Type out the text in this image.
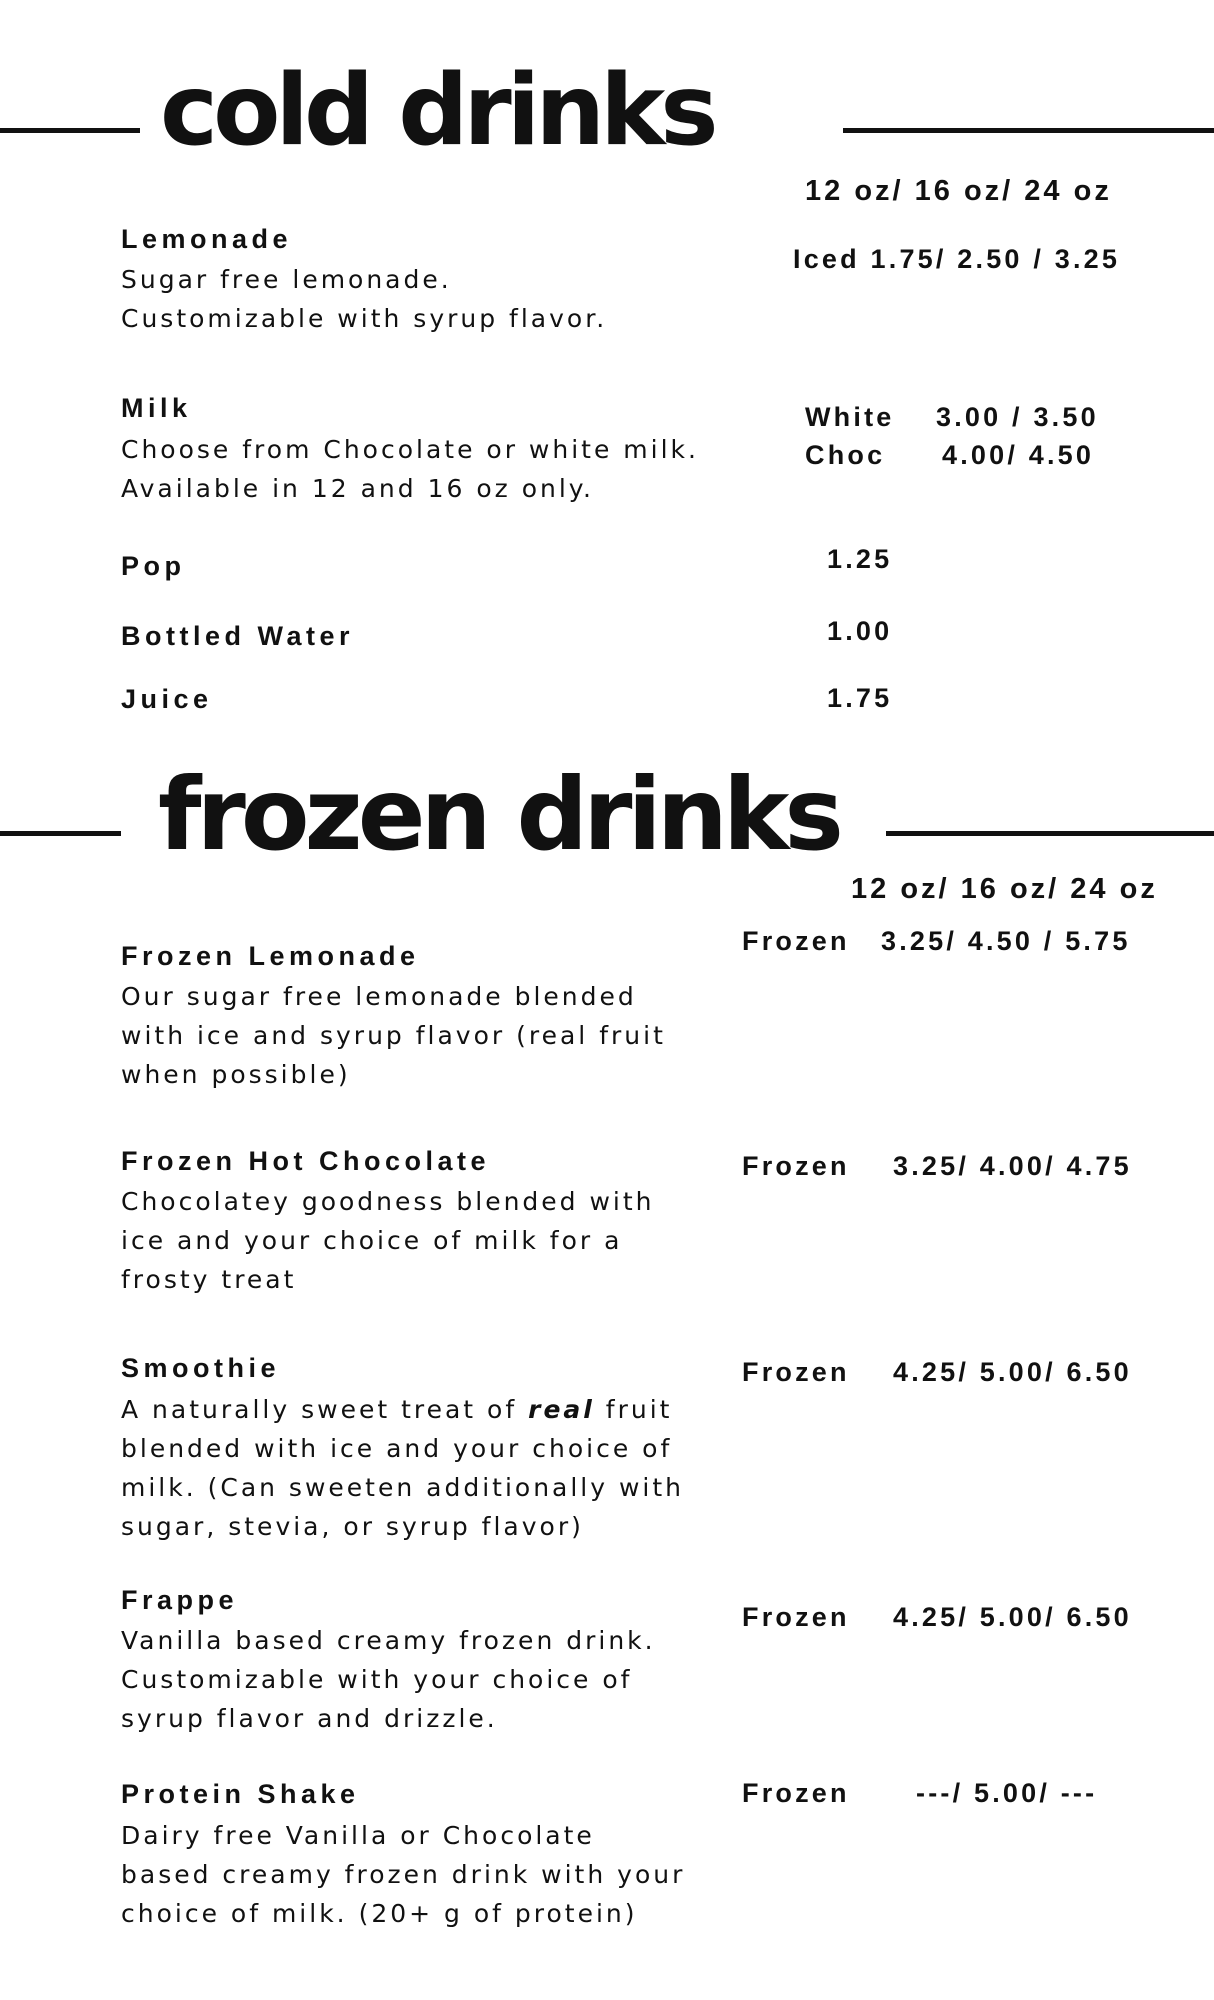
cold drinks
12 oz/ 16 oz/ 24 oz
Lemonade
Sugar free lemonade.
Customizable with syrup flavor.
Iced 1.75/ 2.50 / 3.25
Milk
Choose from Chocolate or white milk.
Available in 12 and 16 oz only.
White 3.00 / 3.50
Choc 4.00/ 4.50
Pop	1.25
Bottled Water	1.00
Juice	1.75
frozen drinks
12 oz/ 16 oz/ 24 oz
Frozen Lemonade
Our sugar free lemonade blended
with ice and syrup flavor (real fruit
when possible)
Frozen 3.25/ 4.50 / 5.75
Frozen Hot Chocolate
Chocolatey goodness blended with
ice and your choice of milk for a
frosty treat
Frozen 3.25/ 4.00/ 4.75
Smoothie
A naturally sweet treat of real fruit
blended with ice and your choice of
milk. (Can sweeten additionally with
sugar, stevia, or syrup flavor)
Frozen 4.25/ 5.00/ 6.50
Frappe
Vanilla based creamy frozen drink.
Customizable with your choice of
syrup flavor and drizzle.
Frozen 4.25/ 5.00/ 6.50
Protein Shake
Dairy free Vanilla or Chocolate
based creamy frozen drink with your
choice of milk. (20+ g of protein)
Frozen ---/ 5.00/ ---
